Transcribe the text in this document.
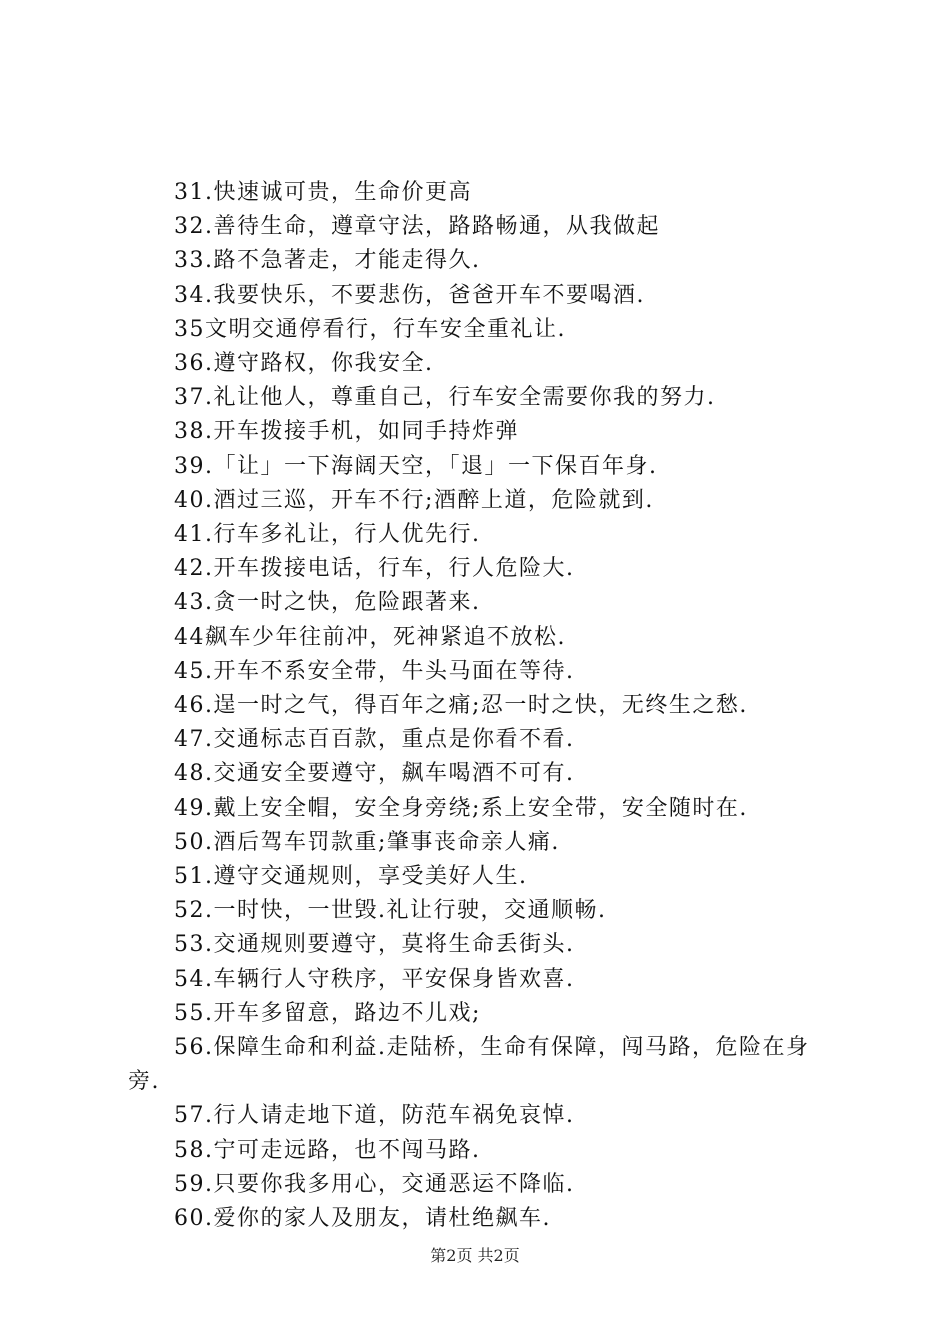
31.快速诚可贵，生命价更高
32.善待生命，遵章守法，路路畅通，从我做起
33.路不急著走，才能走得久.
34.我要快乐，不要悲伤，爸爸开车不要喝酒.
35文明交通停看行，行车安全重礼让.
36.遵守路权，你我安全.
37.礼让他人，尊重自己，行车安全需要你我的努力.
38.开车拨接手机，如同手持炸弹
39.「让」一下海阔天空，「退」一下保百年身.
40.酒过三巡，开车不行;酒醉上道，危险就到.
41.行车多礼让，行人优先行.
42.开车拨接电话，行车，行人危险大.
43.贪一时之快，危险跟著来.
44飙车少年往前冲，死神紧追不放松.
45.开车不系安全带，牛头马面在等待.
46.逞一时之气，得百年之痛;忍一时之快，无终生之愁.
47.交通标志百百款，重点是你看不看.
48.交通安全要遵守，飙车喝酒不可有.
49.戴上安全帽，安全身旁绕;系上安全带，安全随时在.
50.酒后驾车罚款重;肇事丧命亲人痛.
51.遵守交通规则，享受美好人生.
52.一时快，一世毁.礼让行驶，交通顺畅.
53.交通规则要遵守，莫将生命丢街头.
54.车辆行人守秩序，平安保身皆欢喜.
55.开车多留意，路边不儿戏;
56.保障生命和利益.走陆桥，生命有保障，闯马路，危险在身旁.
57.行人请走地下道，防范车祸免哀悼.
58.宁可走远路，也不闯马路.
59.只要你我多用心，交通恶运不降临.
60.爱你的家人及朋友，请杜绝飙车.
第2页 共2页
